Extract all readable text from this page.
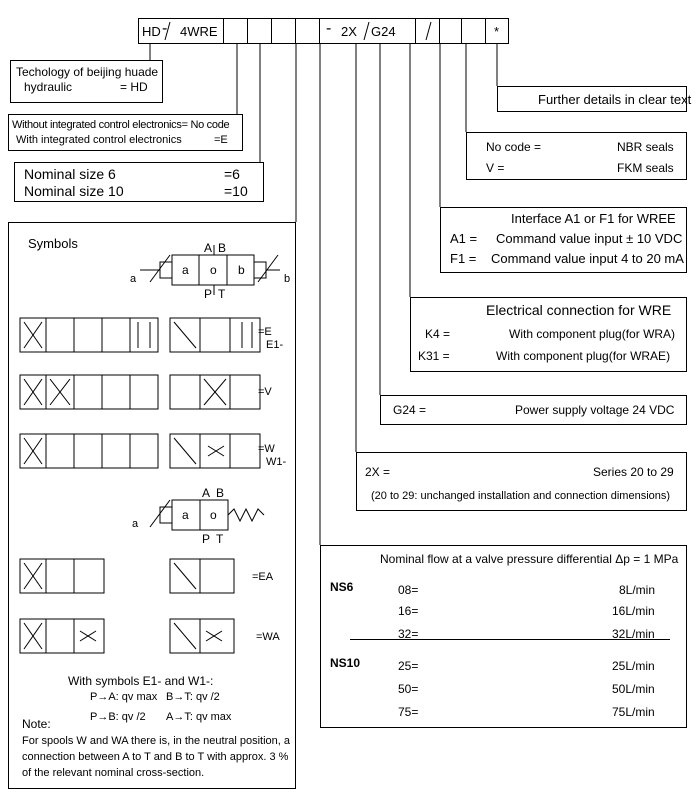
HD ⁠- 4WRE	- 2X G24	*
Techology of beijing huade
hydraulic	= HD
Without integrated control electronics= No code
With integrated control electronics	=E
Nominal size 6	=6
Nominal size 10	=10
Further details in clear text
No code =	NBR seals
V =	FKM seals
Interface A1 or F1 for WREE
A1 = Command value input ± 10 VDC
F1 = Command value input 4 to 20 mA
Electrical connection for WRE
K4 =	With component plug(for WRA)
K31 =	With component plug(for WRAE)
G24 =	Power supply voltage 24 VDC
2X =	Series 20 to 29
(20 to 29: unchanged installation and connection dimensions)
Nominal flow at a valve pressure differential Δp = 1 MPa
NS6	08=	8L/min
16=	16L/min
32=	32L/min
NS10	25=	25L/min
50=	50L/min
75=	75L/min
Symbols	A B
P T
a o b
a	b
=E
E1-
=V
=W
W1-
A B
P T
a o
a
=EA
=WA
With symbols E1- and W1-:
P→A: qv max B→T: qv /2
P→B: qv /2 A→T: qv max
Note:
For spools W and WA there is, in the neutral position, a
connection between A to T and B to T with approx. 3 %
of the relevant nominal cross-section.
